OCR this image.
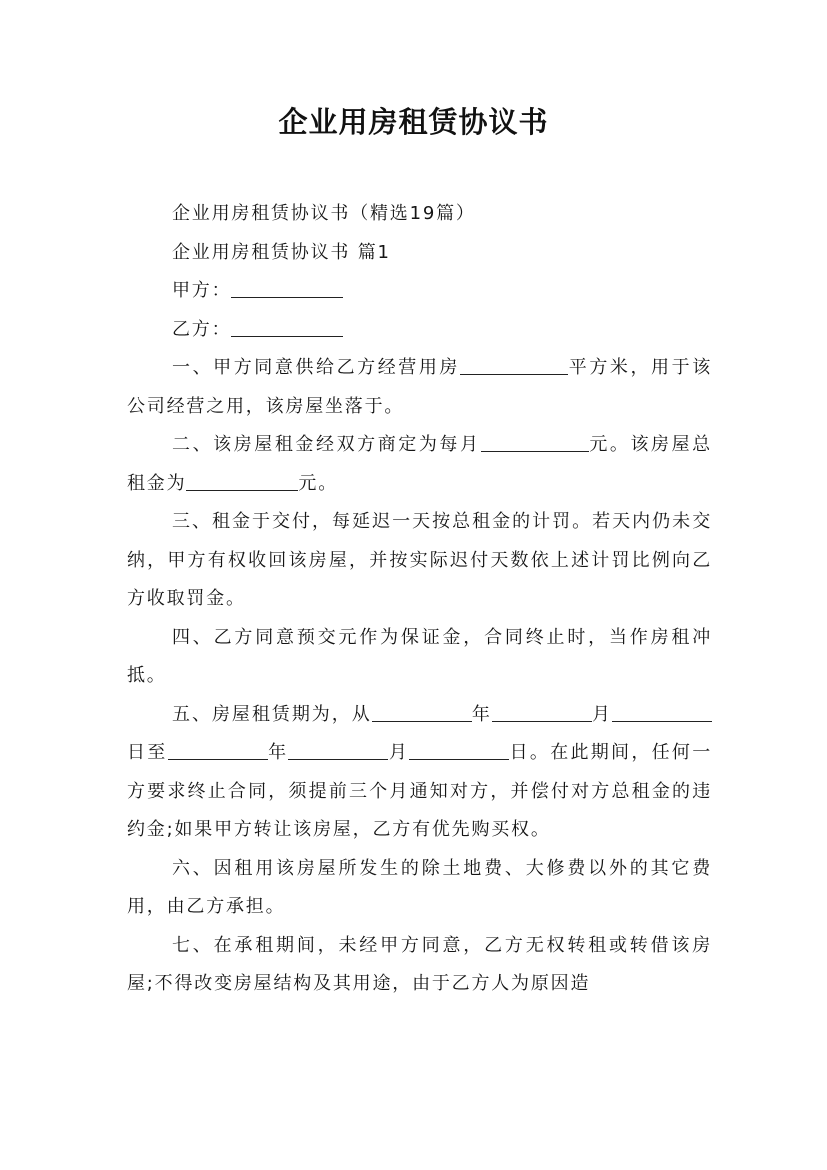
企业用房租赁协议书

企业用房租赁协议书（精选19篇）

企业用房租赁协议书 篇1

甲方：

乙方：

一、甲方同意供给乙方经营用房	平方米，用于该公司经营之用，该房屋坐落于。

二、该房屋租金经双方商定为每月	元。该房屋总租金为	元。

三、租金于交付，每延迟一天按总租金的计罚。若天内仍未交纳，甲方有权收回该房屋，并按实际迟付天数依上述计罚比例向乙方收取罚金。

四、乙方同意预交元作为保证金，合同终止时，当作房租冲抵。

五、房屋租赁期为，从	年	月日至	年	月	日。在此期间，任何一方要求终止合同，须提前三个月通知对方，并偿付对方总租金的违约金;如果甲方转让该房屋，乙方有优先购买权。

六、因租用该房屋所发生的除土地费、大修费以外的其它费用，由乙方承担。

七、在承租期间，未经甲方同意，乙方无权转租或转借该房屋;不得改变房屋结构及其用途，由于乙方人为原因造
